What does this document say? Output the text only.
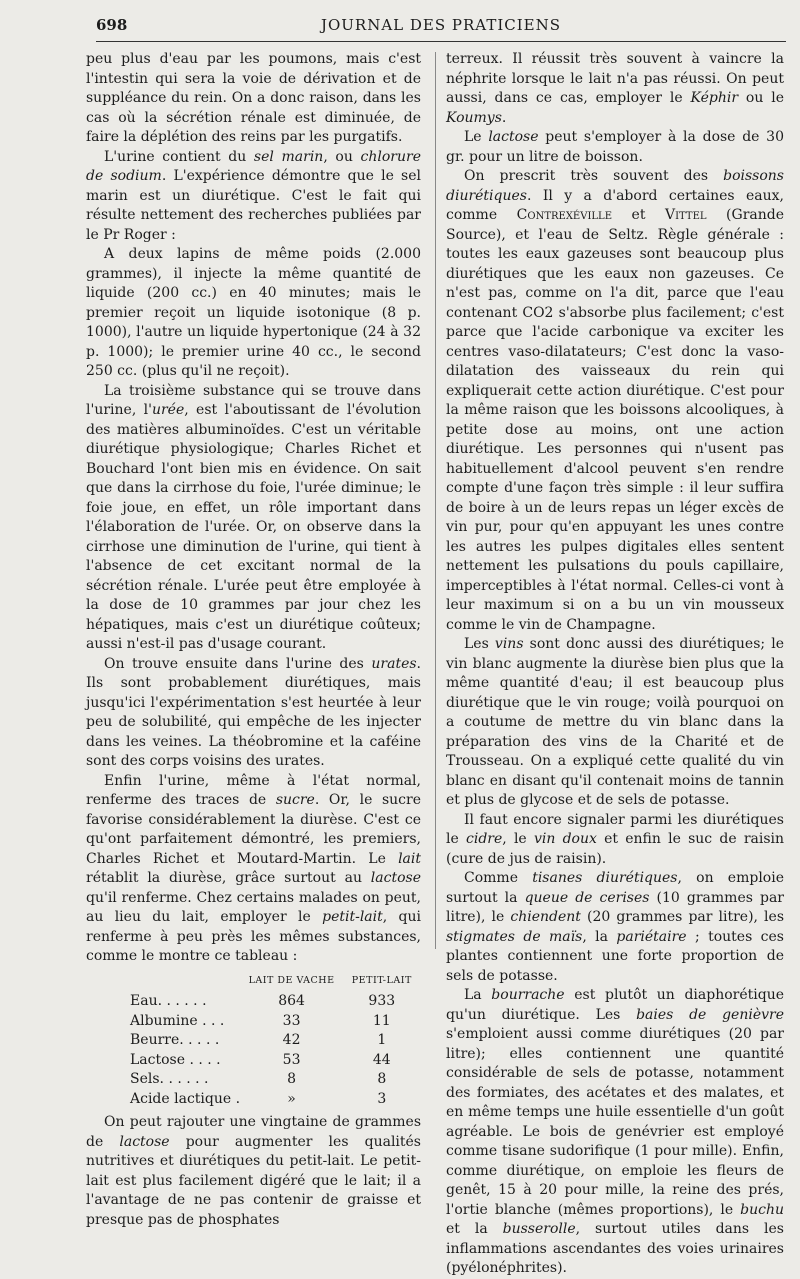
698	JOURNAL DES PRATICIENS

peu plus d'eau par les poumons, mais c'est l'intestin qui sera la voie de dérivation et de suppléance du rein. On a donc raison, dans les cas où la sécrétion rénale est diminuée, de faire la déplétion des reins par les purgatifs.

L'urine contient du sel marin, ou chlorure de sodium. L'expérience démontre que le sel marin est un diurétique. C'est le fait qui résulte nettement des recherches publiées par le Pr Roger :

A deux lapins de même poids (2.000 grammes), il injecte la même quantité de liquide (200 cc.) en 40 minutes; mais le premier reçoit un liquide isotonique (8 p. 1000), l'autre un liquide hypertonique (24 à 32 p. 1000); le premier urine 40 cc., le second 250 cc. (plus qu'il ne reçoit).

La troisième substance qui se trouve dans l'urine, l'urée, est l'aboutissant de l'évolution des matières albuminoïdes. C'est un véritable diurétique physiologique; Charles Richet et Bouchard l'ont bien mis en évidence. On sait que dans la cirrhose du foie, l'urée diminue; le foie joue, en effet, un rôle important dans l'élaboration de l'urée. Or, on observe dans la cirrhose une diminution de l'urine, qui tient à l'absence de cet excitant normal de la sécrétion rénale. L'urée peut être employée à la dose de 10 grammes par jour chez les hépatiques, mais c'est un diurétique coûteux; aussi n'est-il pas d'usage courant.

On trouve ensuite dans l'urine des urates. Ils sont probablement diurétiques, mais jusqu'ici l'expérimentation s'est heurtée à leur peu de solubilité, qui empêche de les injecter dans les veines. La théobromine et la caféine sont des corps voisins des urates.

Enfin l'urine, même à l'état normal, renferme des traces de sucre. Or, le sucre favorise considérablement la diurèse. C'est ce qu'ont parfaitement démontré, les premiers, Charles Richet et Moutard-Martin. Le lait rétablit la diurèse, grâce surtout au lactose qu'il renferme. Chez certains malades on peut, au lieu du lait, employer le petit-lait, qui renferme à peu près les mêmes substances, comme le montre ce tableau :

	LAIT DE VACHE	PETIT-LAIT
Eau. . . . . .	864	933
Albumine . . .	33	11
Beurre. . . . .	42	1
Lactose . . . .	53	44
Sels. . . . . .	8	8
Acide lactique .	»	3

On peut rajouter une vingtaine de grammes de lactose pour augmenter les qualités nutritives et diurétiques du petit-lait. Le petit-lait est plus facilement digéré que le lait; il a l'avantage de ne pas contenir de graisse et presque pas de phosphates

terreux. Il réussit très souvent à vaincre la néphrite lorsque le lait n'a pas réussi. On peut aussi, dans ce cas, employer le Képhir ou le Koumys.

Le lactose peut s'employer à la dose de 30 gr. pour un litre de boisson.

On prescrit très souvent des boissons diurétiques. Il y a d'abord certaines eaux, comme Contrexéville et Vittel (Grande Source), et l'eau de Seltz. Règle générale : toutes les eaux gazeuses sont beaucoup plus diurétiques que les eaux non gazeuses. Ce n'est pas, comme on l'a dit, parce que l'eau contenant CO2 s'absorbe plus facilement; c'est parce que l'acide carbonique va exciter les centres vaso-dilatateurs; C'est donc la vaso-dilatation des vaisseaux du rein qui expliquerait cette action diurétique. C'est pour la même raison que les boissons alcooliques, à petite dose au moins, ont une action diurétique. Les personnes qui n'usent pas habituellement d'alcool peuvent s'en rendre compte d'une façon très simple : il leur suffira de boire à un de leurs repas un léger excès de vin pur, pour qu'en appuyant les unes contre les autres les pulpes digitales elles sentent nettement les pulsations du pouls capillaire, imperceptibles à l'état normal. Celles-ci vont à leur maximum si on a bu un vin mousseux comme le vin de Champagne.

Les vins sont donc aussi des diurétiques; le vin blanc augmente la diurèse bien plus que la même quantité d'eau; il est beaucoup plus diurétique que le vin rouge; voilà pourquoi on a coutume de mettre du vin blanc dans la préparation des vins de la Charité et de Trousseau. On a expliqué cette qualité du vin blanc en disant qu'il contenait moins de tannin et plus de glycose et de sels de potasse.

Il faut encore signaler parmi les diurétiques le cidre, le vin doux et enfin le suc de raisin (cure de jus de raisin).

Comme tisanes diurétiques, on emploie surtout la queue de cerises (10 grammes par litre), le chiendent (20 grammes par litre), les stigmates de maïs, la pariétaire ; toutes ces plantes contiennent une forte proportion de sels de potasse.

La bourrache est plutôt un diaphorétique qu'un diurétique. Les baies de genièvre s'emploient aussi comme diurétiques (20 par litre); elles contiennent une quantité considérable de sels de potasse, notamment des formiates, des acétates et des malates, et en même temps une huile essentielle d'un goût agréable. Le bois de genévrier est employé comme tisane sudorifique (1 pour mille). Enfin, comme diurétique, on emploie les fleurs de genêt, 15 à 20 pour mille, la reine des prés, l'ortie blanche (mêmes proportions), le buchu et la busserolle, surtout utiles dans les inflammations ascendantes des voies urinaires (pyélonéphrites).
